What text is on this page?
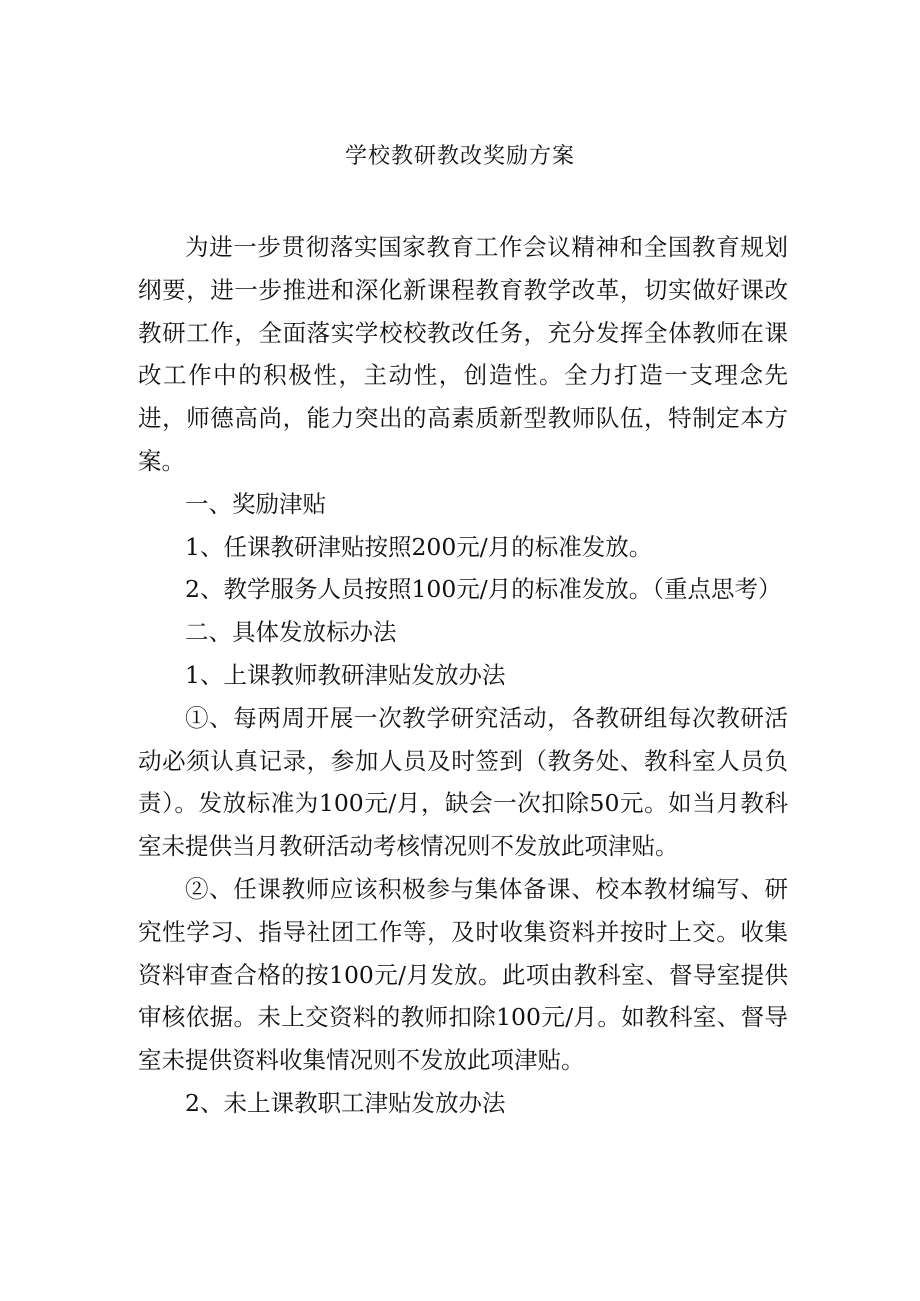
学校教研教改奖励方案

为进一步贯彻落实国家教育工作会议精神和全国教育规划纲要，进一步推进和深化新课程教育教学改革，切实做好课改教研工作，全面落实学校校教改任务，充分发挥全体教师在课改工作中的积极性，主动性，创造性。全力打造一支理念先进，师德高尚，能力突出的高素质新型教师队伍，特制定本方案。

一、奖励津贴

1、任课教研津贴按照200元/月的标准发放。

2、教学服务人员按照100元/月的标准发放。（重点思考）

二、具体发放标办法

1、上课教师教研津贴发放办法

①、每两周开展一次教学研究活动，各教研组每次教研活动必须认真记录，参加人员及时签到（教务处、教科室人员负责）。发放标准为100元/月，缺会一次扣除50元。如当月教科室未提供当月教研活动考核情况则不发放此项津贴。

②、任课教师应该积极参与集体备课、校本教材编写、研究性学习、指导社团工作等，及时收集资料并按时上交。收集资料审查合格的按100元/月发放。此项由教科室、督导室提供审核依据。未上交资料的教师扣除100元/月。如教科室、督导室未提供资料收集情况则不发放此项津贴。

2、未上课教职工津贴发放办法
